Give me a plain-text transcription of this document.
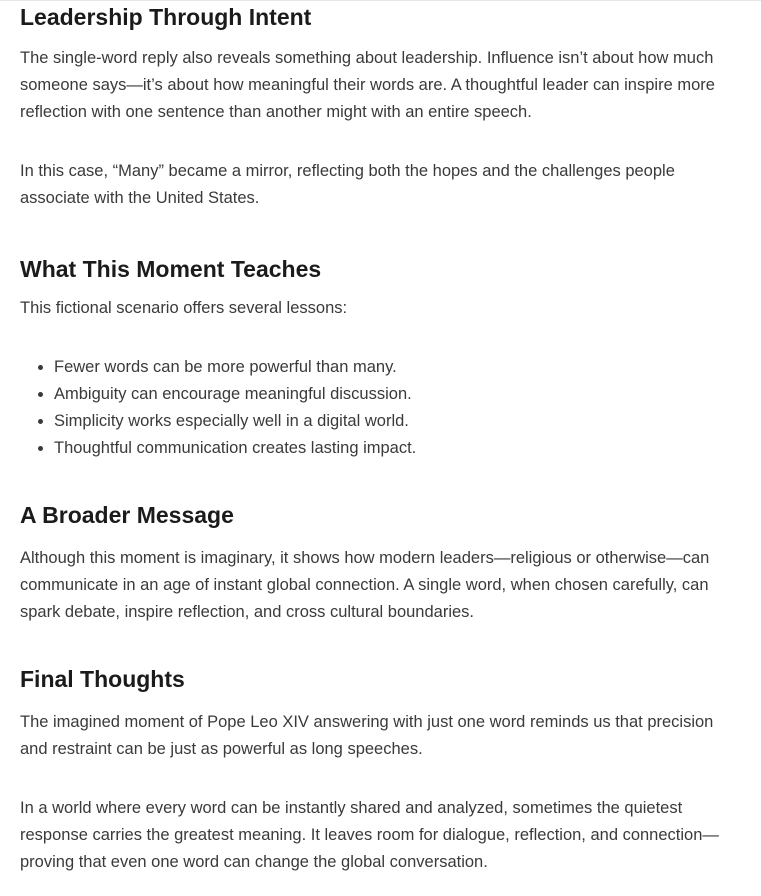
Leadership Through Intent

The single-word reply also reveals something about leadership. Influence isn’t about how much someone says—it’s about how meaningful their words are. A thoughtful leader can inspire more reflection with one sentence than another might with an entire speech.

In this case, “Many” became a mirror, reflecting both the hopes and the challenges people associate with the United States.

What This Moment Teaches

This fictional scenario offers several lessons:

• Fewer words can be more powerful than many.
• Ambiguity can encourage meaningful discussion.
• Simplicity works especially well in a digital world.
• Thoughtful communication creates lasting impact.
A Broader Message

Although this moment is imaginary, it shows how modern leaders—religious or otherwise—can communicate in an age of instant global connection. A single word, when chosen carefully, can spark debate, inspire reflection, and cross cultural boundaries.

Final Thoughts

The imagined moment of Pope Leo XIV answering with just one word reminds us that precision and restraint can be just as powerful as long speeches.

In a world where every word can be instantly shared and analyzed, sometimes the quietest response carries the greatest meaning. It leaves room for dialogue, reflection, and connection—proving that even one word can change the global conversation.
